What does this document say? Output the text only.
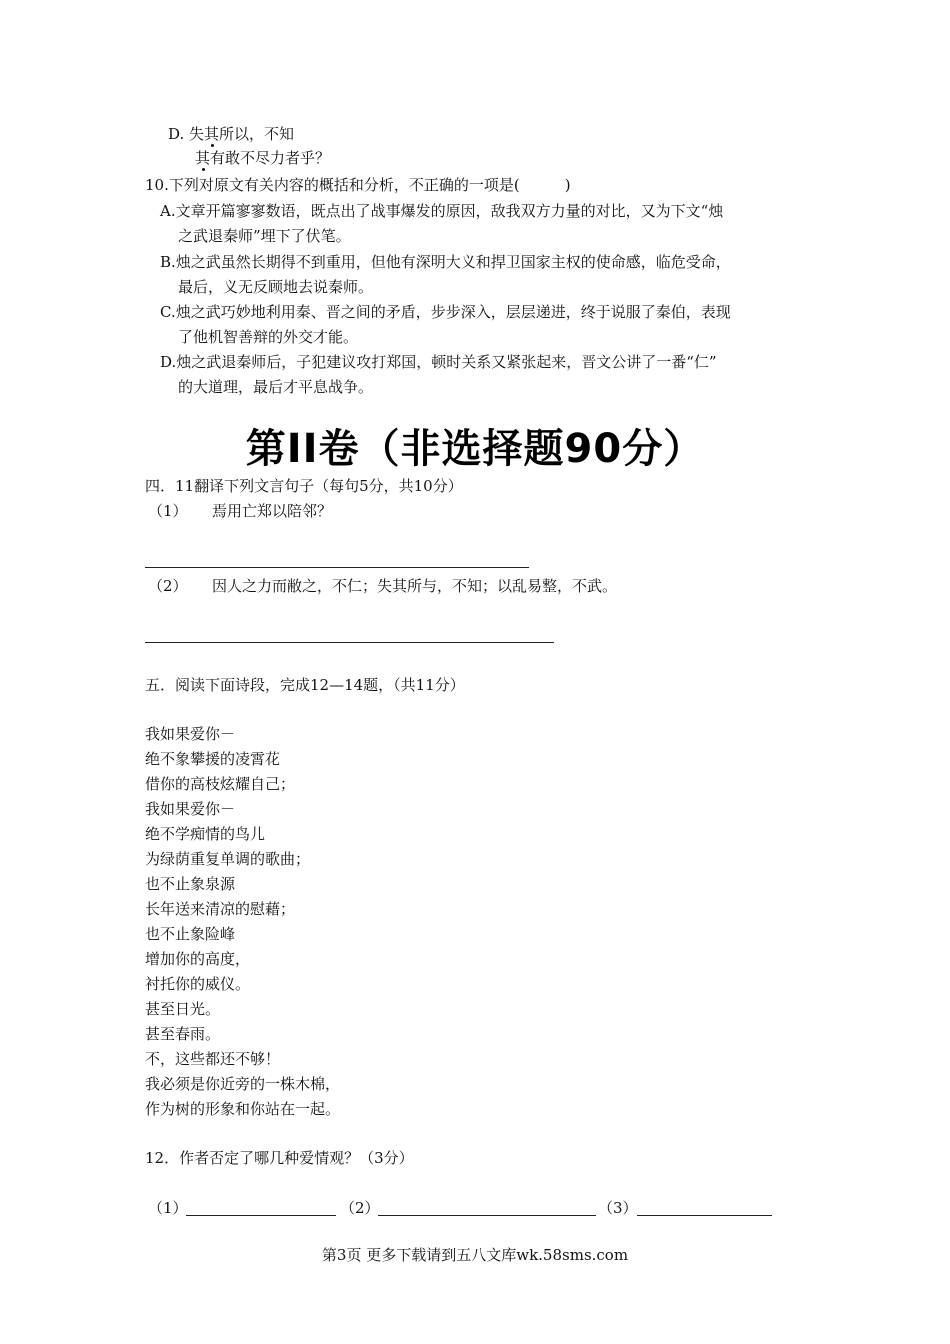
D. 失其所以，不知
其有敢不尽力者乎？
10.下列对原文有关内容的概括和分析，不正确的一项是(　　　)
A.文章开篇寥寥数语，既点出了战事爆发的原因，敌我双方力量的对比，又为下文“烛
之武退秦师”埋下了伏笔。
B.烛之武虽然长期得不到重用，但他有深明大义和捍卫国家主权的使命感，临危受命，
最后，义无反顾地去说秦师。
C.烛之武巧妙地利用秦、晋之间的矛盾，步步深入，层层递进，终于说服了秦伯，表现
了他机智善辩的外交才能。
D.烛之武退秦师后，子犯建议攻打郑国，顿时关系又紧张起来，晋文公讲了一番“仁”
的大道理，最后才平息战争。
第II卷（非选择题90分）
四．11翻译下列文言句子（每句5分，共10分）
（1） 焉用亡郑以陪邻？
（2） 因人之力而敝之，不仁；失其所与，不知；以乱易整，不武。
五．阅读下面诗段，完成12—14题，（共11分）
我如果爱你－
绝不象攀援的凌霄花
借你的高枝炫耀自己；
我如果爱你－
绝不学痴情的鸟儿
为绿荫重复单调的歌曲；
也不止象泉源
长年送来清凉的慰藉；
也不止象险峰
增加你的高度，
衬托你的威仪。
甚至日光。
甚至春雨。
不，这些都还不够！
我必须是你近旁的一株木棉，
作为树的形象和你站在一起。
12．作者否定了哪几种爱情观？（3分）
（1）	（2）	（3）
第3页 更多下载请到五八文库wk.58sms.com
